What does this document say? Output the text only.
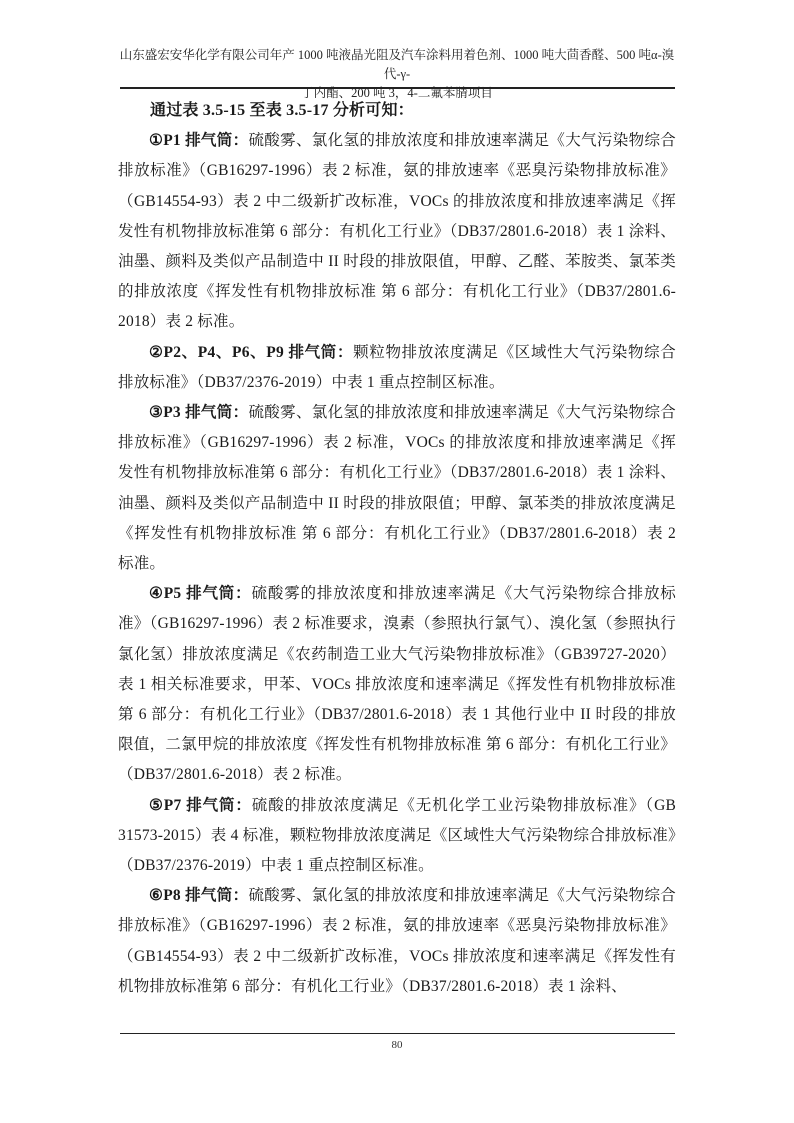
山东盛宏安华化学有限公司年产 1000 吨液晶光阻及汽车涂料用着色剂、1000 吨大茴香醛、500 吨α-溴代-γ-
丁内酯、200 吨 3，4-二氟苯腈项目

通过表 3.5-15 至表 3.5-17 分析可知：

①P1 排气筒：硫酸雾、氯化氢的排放浓度和排放速率满足《大气污染物综合排放标准》（GB16297-1996）表 2 标准，氨的排放速率《恶臭污染物排放标准》（GB14554-93）表 2 中二级新扩改标准，VOCs 的排放浓度和排放速率满足《挥发性有机物排放标准第 6 部分：有机化工行业》（DB37/2801.6-2018）表 1 涂料、油墨、颜料及类似产品制造中 II 时段的排放限值，甲醇、乙醛、苯胺类、氯苯类的排放浓度《挥发性有机物排放标准 第 6 部分：有机化工行业》（DB37/2801.6-2018）表 2 标准。

②P2、P4、P6、P9 排气筒：颗粒物排放浓度满足《区域性大气污染物综合排放标准》（DB37/2376-2019）中表 1 重点控制区标准。

③P3 排气筒：硫酸雾、氯化氢的排放浓度和排放速率满足《大气污染物综合排放标准》（GB16297-1996）表 2 标准，VOCs 的排放浓度和排放速率满足《挥发性有机物排放标准第 6 部分：有机化工行业》（DB37/2801.6-2018）表 1 涂料、油墨、颜料及类似产品制造中 II 时段的排放限值；甲醇、氯苯类的排放浓度满足《挥发性有机物排放标准 第 6 部分：有机化工行业》（DB37/2801.6-2018）表 2 标准。

④P5 排气筒：硫酸雾的排放浓度和排放速率满足《大气污染物综合排放标准》（GB16297-1996）表 2 标准要求，溴素（参照执行氯气）、溴化氢（参照执行氯化氢）排放浓度满足《农药制造工业大气污染物排放标准》（GB39727-2020）表 1 相关标准要求，甲苯、VOCs 排放浓度和速率满足《挥发性有机物排放标准第 6 部分：有机化工行业》（DB37/2801.6-2018）表 1 其他行业中 II 时段的排放限值，二氯甲烷的排放浓度《挥发性有机物排放标准 第 6 部分：有机化工行业》（DB37/2801.6-2018）表 2 标准。

⑤P7 排气筒：硫酸的排放浓度满足《无机化学工业污染物排放标准》（GB 31573-2015）表 4 标准，颗粒物排放浓度满足《区域性大气污染物综合排放标准》（DB37/2376-2019）中表 1 重点控制区标准。

⑥P8 排气筒：硫酸雾、氯化氢的排放浓度和排放速率满足《大气污染物综合排放标准》（GB16297-1996）表 2 标准，氨的排放速率《恶臭污染物排放标准》（GB14554-93）表 2 中二级新扩改标准，VOCs 排放浓度和速率满足《挥发性有机物排放标准第 6 部分：有机化工行业》（DB37/2801.6-2018）表 1 涂料、

80
